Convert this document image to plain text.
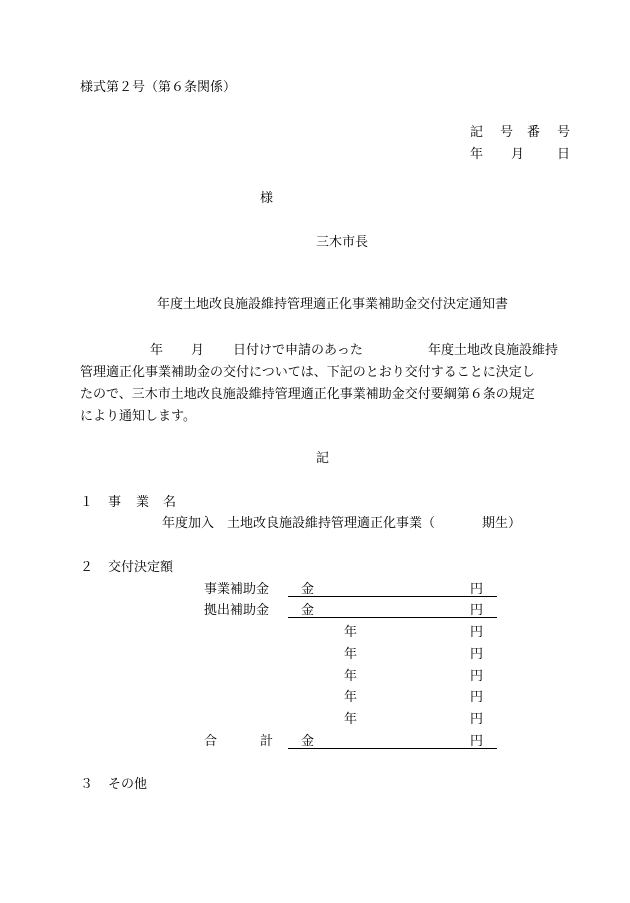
様式第２号（第６条関係）
記 号 番 号
年 月	日
様
三木市長
年度土地改良施設維持管理適正化事業補助金交付決定通知書

年 月 日付けで申請のあった	年度土地改良施設維持

管理適正化事業補助金の交付については、下記のとおり交付することに決定し

たので、三木市土地改良施設維持管理適正化事業補助金交付要綱第６条の規定

により通知します。

記
１ 事 業 名
年度加入　土地改良施設維持管理適正化事業（	期生）
２ 交付決定額
事業補助金 金	円
拠出補助金 金	円
年	円
年	円
年	円
年	円
年	円
合	計 金	円
３ その他
